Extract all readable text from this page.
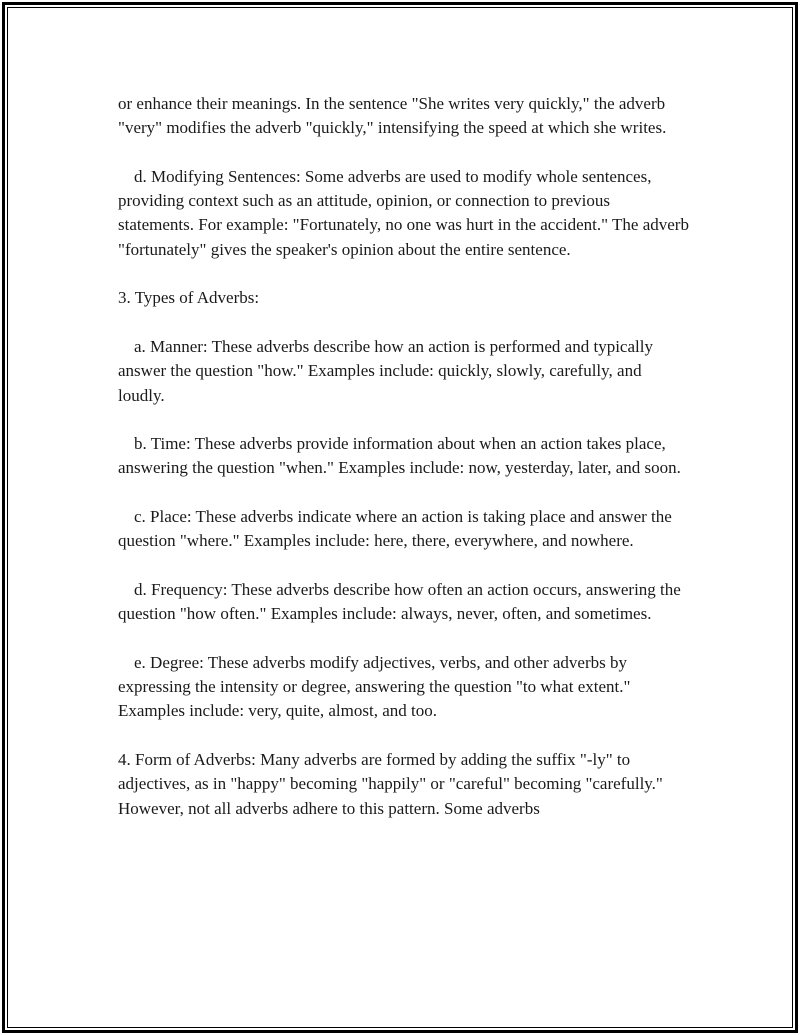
or enhance their meanings. In the sentence "She writes very quickly," the adverb "very" modifies the adverb "quickly," intensifying the speed at which she writes.

d. Modifying Sentences: Some adverbs are used to modify whole sentences, providing context such as an attitude, opinion, or connection to previous statements. For example: "Fortunately, no one was hurt in the accident." The adverb "fortunately" gives the speaker's opinion about the entire sentence.

3. Types of Adverbs:

a. Manner: These adverbs describe how an action is performed and typically answer the question "how." Examples include: quickly, slowly, carefully, and loudly.

b. Time: These adverbs provide information about when an action takes place, answering the question "when." Examples include: now, yesterday, later, and soon.

c. Place: These adverbs indicate where an action is taking place and answer the question "where." Examples include: here, there, everywhere, and nowhere.

d. Frequency: These adverbs describe how often an action occurs, answering the question "how often." Examples include: always, never, often, and sometimes.

e. Degree: These adverbs modify adjectives, verbs, and other adverbs by expressing the intensity or degree, answering the question "to what extent." Examples include: very, quite, almost, and too.

4. Form of Adverbs: Many adverbs are formed by adding the suffix "-ly" to adjectives, as in "happy" becoming "happily" or "careful" becoming "carefully." However, not all adverbs adhere to this pattern. Some adverbs
